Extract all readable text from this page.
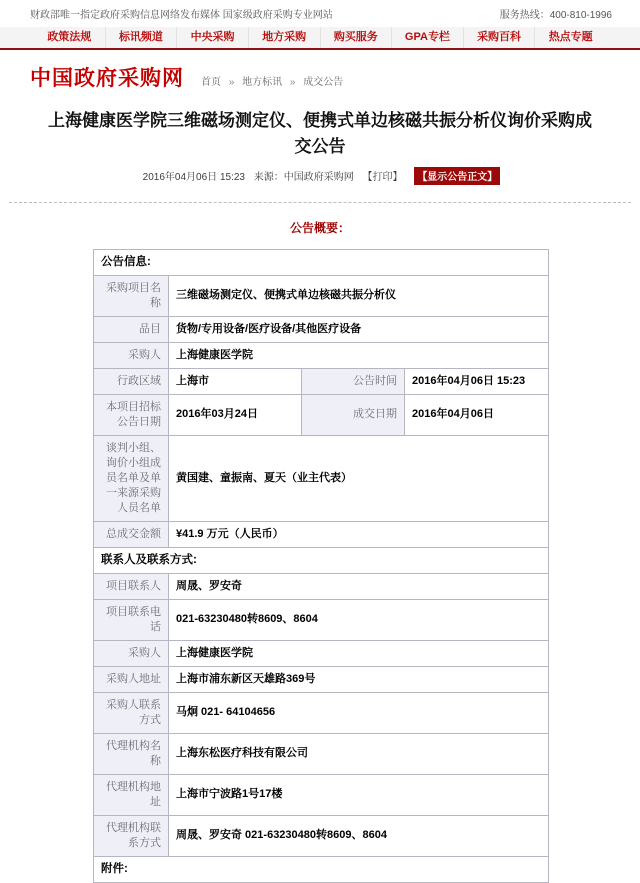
财政部唯一指定政府采购信息网络发布媒体 国家级政府采购专业网站	服务热线：400-810-1996
政策法规	标讯频道	中央采购	地方采购	购买服务	GPA专栏	采购百科	热点专题
中国政府采购网	首页 » 地方标讯 » 成交公告
上海健康医学院三维磁场测定仪、便携式单边核磁共振分析仪询价采购成交公告
2016年04月06日 15:23 来源：中国政府采购网 【打印】 【显示公告正文】
公告概要：
公告信息:			
采购项目名称	三维磁场测定仪、便携式单边核磁共振分析仪		
品目	货物/专用设备/医疗设备/其他医疗设备		
采购人	上海健康医学院		
行政区域	上海市	公告时间	2016年04月06日 15:23
本项目招标公告日期	2016年03月24日	成交日期	2016年04月06日
谈判小组、询价小组成员名单及单一来源采购人员名单	黄国建、童振南、夏天（业主代表）		
总成交金额	¥41.9 万元（人民币）		
联系人及联系方式:			
项目联系人	周晟、罗安奇		
项目联系电话	021-63230480转8609、8604		
采购人	上海健康医学院		
采购人地址	上海市浦东新区天雄路369号		
采购人联系方式	马炯 021- 64104656		
代理机构名称	上海东松医疗科技有限公司		
代理机构地址	上海市宁波路1号17楼		
代理机构联系方式	周晟、罗安奇 021-63230480转8609、8604		
附件:			
